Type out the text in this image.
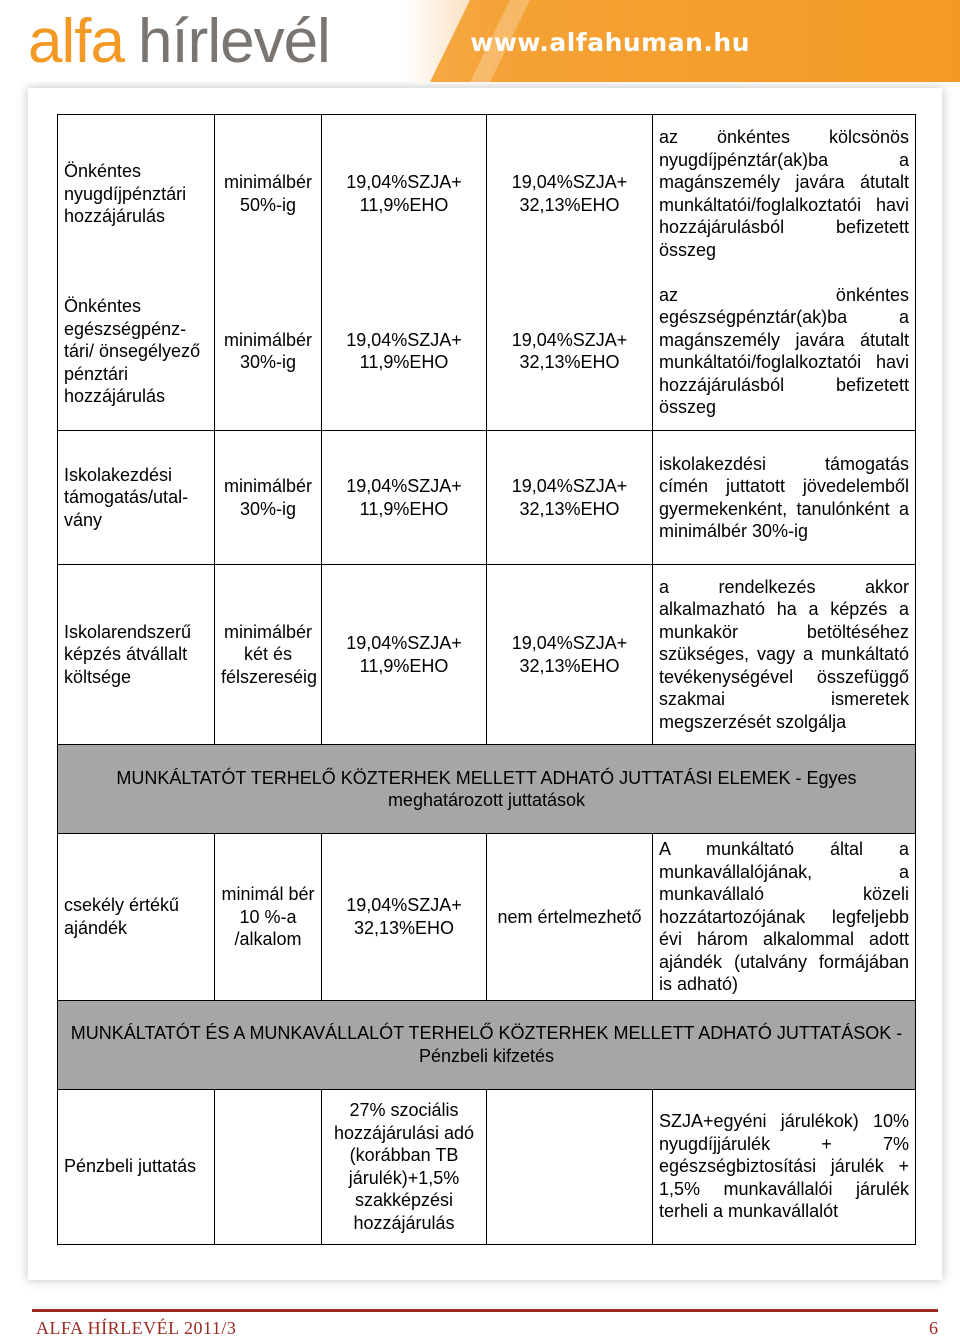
alfa hírlevél	www.alfahuman.hu
Önkéntes nyugdíjpénztári hozzájárulás	minimálbér 50%-ig	19,04%SZJA+ 11,9%EHO	19,04%SZJA+ 32,13%EHO	az önkéntes kölcsönös nyugdíjpénztár(ak)ba a magánszemély javára átutalt munkáltatói/foglalkoztatói havi hozzájárulásból befizetett összeg
Önkéntes egészségpénz-tári/ önsegélyező pénztári hozzájárulás	minimálbér 30%-ig	19,04%SZJA+ 11,9%EHO	19,04%SZJA+ 32,13%EHO	az önkéntes egészségpénztár(ak)ba a magánszemély javára átutalt munkáltatói/foglalkoztatói havi hozzájárulásból befizetett összeg
Iskolakezdési támogatás/utal-vány	minimálbér 30%-ig	19,04%SZJA+ 11,9%EHO	19,04%SZJA+ 32,13%EHO	iskolakezdési támogatás címén juttatott jövedelemből gyermekenként, tanulónként a minimálbér 30%-ig
Iskolarendszerű képzés átvállalt költsége	minimálbér két és félszereséig	19,04%SZJA+ 11,9%EHO	19,04%SZJA+ 32,13%EHO	a rendelkezés akkor alkalmazható ha a képzés a munkakör betöltéséhez szükséges, vagy a munkáltató tevékenységével összefüggő szakmai ismeretek megszerzését szolgálja
MUNKÁLTATÓT TERHELŐ KÖZTERHEK MELLETT ADHATÓ JUTTATÁSI ELEMEK - Egyes meghatározott juttatások				
csekély értékű ajándék	minimál bér 10 %-a /alkalom	19,04%SZJA+ 32,13%EHO	nem értelmezhető	A munkáltató által a munkavállalójának, a munkavállaló közeli hozzátartozójának legfeljebb évi három alkalommal adott ajándék (utalvány formájában is adható)
MUNKÁLTATÓT ÉS A MUNKAVÁLLALÓT TERHELŐ KÖZTERHEK MELLETT ADHATÓ JUTTATÁSOK - Pénzbeli kifzetés				
Pénzbeli juttatás		27% szociális hozzájárulási adó (korábban TB járulék)+1,5% szakképzési hozzájárulás		SZJA+egyéni járulékok) 10% nyugdíjjárulék + 7% egészségbiztosítási járulék + 1,5% munkavállalói járulék terheli a munkavállalót
ALFA HÍRLEVÉL 2011/3	6
